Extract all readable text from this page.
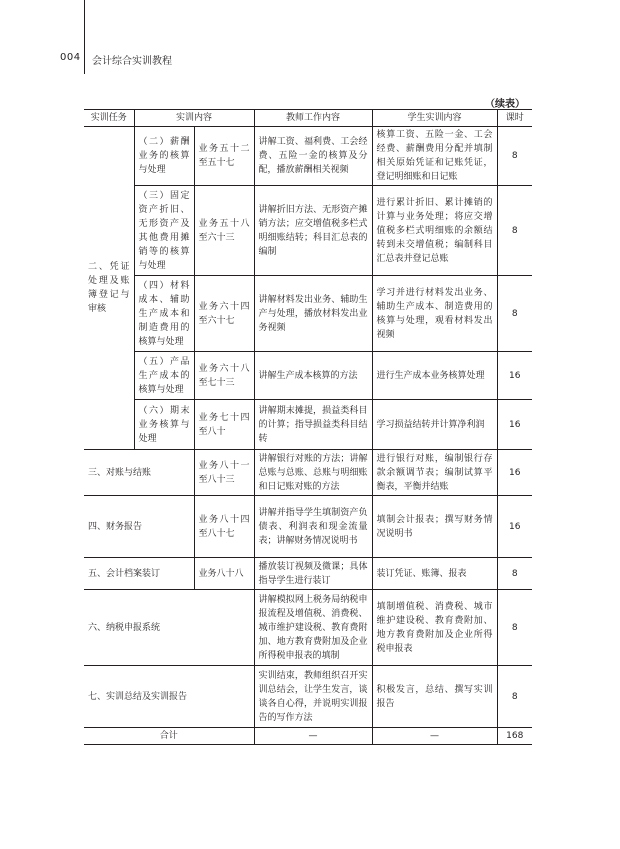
004 会计综合实训教程
（续表）
实训任务	实训内容		教师工作内容	学生实训内容	课时
二、凭证处理及账簿登记与审核	（二）薪酬业务的核算与处理	业务五十二至五十七	讲解工资、福利费、工会经费、五险一金的核算及分配，播放薪酬相关视频	核算工资、五险一金、工会经费、薪酬费用分配并填制相关原始凭证和记账凭证，登记明细账和日记账	8
	（三）固定资产折旧、无形资产及其他费用摊销等的核算与处理	业务五十八至六十三	讲解折旧方法、无形资产摊销方法；应交增值税多栏式明细账结转；科目汇总表的编制	进行累计折旧、累计摊销的计算与业务处理；将应交增值税多栏式明细账的余额结转到未交增值税；编制科目汇总表并登记总账	8
	（四）材料成本、辅助生产成本和制造费用的核算与处理	业务六十四至六十七	讲解材料发出业务、辅助生产与处理，播放材料发出业务视频	学习并进行材料发出业务、辅助生产成本、制造费用的核算与处理，观看材料发出视频	8
	（五）产品生产成本的核算与处理	业务六十八至七十三	讲解生产成本核算的方法	进行生产成本业务核算处理	16
	（六）期末业务核算与处理	业务七十四至八十	讲解期末摊提，损益类科目的计算；指导损益类科目结转	学习损益结转并计算净利润	16
三、对账与结账		业务八十一至八十三	讲解银行对账的方法；讲解总账与总账、总账与明细账和日记账对账的方法	进行银行对账，编制银行存款余额调节表；编制试算平衡表，平衡并结账	16
四、财务报告		业务八十四至八十七	讲解并指导学生填制资产负债表、利润表和现金流量表；讲解财务情况说明书	填制会计报表；撰写财务情况说明书	16
五、会计档案装订		业务八十八	播放装订视频及微课；具体指导学生进行装订	装订凭证、账簿、报表	8
六、纳税申报系统			讲解模拟网上税务局纳税申报流程及增值税、消费税、城市维护建设税、教育费附加、地方教育费附加及企业所得税申报表的填制	填制增值税、消费税、城市维护建设税、教育费附加、地方教育费附加及企业所得税申报表	8
七、实训总结及实训报告			实训结束，教师组织召开实训总结会，让学生发言，谈谈各自心得，并说明实训报告的写作方法	积极发言，总结、撰写实训报告	8
合计			—	—	168
